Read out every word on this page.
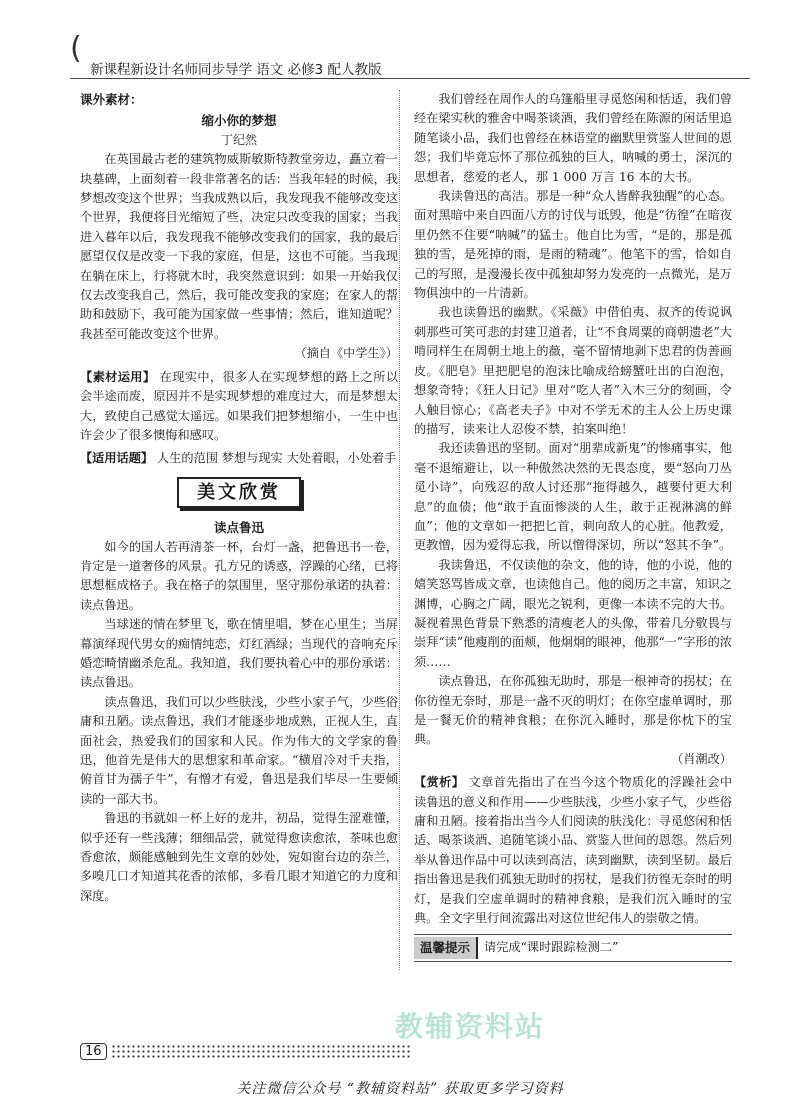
(
新课程新设计名师同步导学 语文 必修3 配人教版
课外素材：
缩小你的梦想
丁纪然

在英国最古老的建筑物威斯敏斯特教堂旁边，矗立着一块墓碑，上面刻着一段非常著名的话：当我年轻的时候，我梦想改变这个世界；当我成熟以后，我发现我不能够改变这个世界，我便将目光缩短了些，决定只改变我的国家；当我进入暮年以后，我发现我不能够改变我们的国家，我的最后愿望仅仅是改变一下我的家庭，但是，这也不可能。当我现在躺在床上，行将就木时，我突然意识到：如果一开始我仅仅去改变我自己，然后，我可能改变我的家庭；在家人的帮助和鼓励下，我可能为国家做一些事情；然后，谁知道呢？我甚至可能改变这个世界。

（摘自《中学生》）

【素材运用】 在现实中，很多人在实现梦想的路上之所以会半途而废，原因并不是实现梦想的难度过大，而是梦想太大，致使自己感觉太遥远。如果我们把梦想缩小，一生中也许会少了很多懊悔和感叹。

【适用话题】 人生的范围 梦想与现实 大处着眼，小处着手

美文欣赏
读点鲁迅

如今的国人若再清茶一杯，台灯一盏，把鲁迅书一卷，肯定是一道奢侈的风景。孔方兄的诱惑，浮躁的心绪，已将思想框成格子。我在格子的氛围里，坚守那份承诺的执着：读点鲁迅。

当球迷的情在梦里飞，歌在情里唱，梦在心里生；当屏幕演绎现代男女的痴情纯恋，灯红酒绿；当现代的音响充斥婚恋畸情幽杀危乱。我知道，我们要执着心中的那份承诺：读点鲁迅。

读点鲁迅，我们可以少些肤浅，少些小家子气，少些俗庸和丑陋。读点鲁迅，我们才能逐步地成熟，正视人生，直面社会，热爱我们的国家和人民。作为伟大的文学家的鲁迅，他首先是伟大的思想家和革命家。“横眉冷对千夫指，俯首甘为孺子牛”，有憎才有爱，鲁迅是我们毕尽一生要倾读的一部大书。

鲁迅的书就如一杯上好的龙井，初品，觉得生涩难懂，似乎还有一些浅薄；细细品尝，就觉得愈读愈浓，茶味也愈香愈浓，颇能感触到先生文章的妙处，宛如窗台边的杂兰，多嗅几口才知道其花香的浓郁，多看几眼才知道它的力度和深度。

我们曾经在周作人的乌篷船里寻觅悠闲和恬适，我们曾经在梁实秋的雅舍中喝茶谈酒，我们曾经在陈源的闲话里追随笔谈小品，我们也曾经在林语堂的幽默里赏鉴人世间的恩怨；我们毕竟忘怀了那位孤独的巨人，呐喊的勇士，深沉的思想者，慈爱的老人，那 1 000 万言 16 本的大书。

我读鲁迅的高洁。那是一种“众人皆醉我独醒”的心态。面对黑暗中来自四面八方的讨伐与诋毁，他是“彷徨”在暗夜里仍然不住要“呐喊”的猛士。他自比为雪，“是的，那是孤独的雪，是死掉的雨，是雨的精魂”。他笔下的雪，恰如自己的写照，是漫漫长夜中孤独却努力发亮的一点微光，是万物俱浊中的一片清新。

我也读鲁迅的幽默。《采薇》中借伯夷、叔齐的传说讽刺那些可笑可悲的封建卫道者，让“不食周粟的商朝遗老”大啃同样生在周朝土地上的薇，毫不留情地剥下忠君的伪善画皮。《肥皂》里把肥皂的泡沫比喻成给螃蟹吐出的白泡泡，想象奇特；《狂人日记》里对“吃人者”入木三分的刻画，令人触目惊心；《高老夫子》中对不学无术的主人公上历史课的描写，读来让人忍俊不禁，拍案叫绝！

我还读鲁迅的坚韧。面对“朋辈成新鬼”的惨痛事实，他毫不退缩避让，以一种傲然决然的无畏态度，要“怒向刀丛觅小诗”，向残忍的敌人讨还那“拖得越久，越要付更大利息”的血债；他“敢于直面惨淡的人生，敢于正视淋漓的鲜血”；他的文章如一把把匕首，刺向敌人的心脏。他教爱，更教憎，因为爱得忘我，所以憎得深切，所以“怒其不争”。

我读鲁迅，不仅读他的杂文，他的诗，他的小说，他的嬉笑怒骂皆成文章，也读他自己。他的阅历之丰富，知识之渊博，心胸之广阔，眼光之锐利，更像一本读不完的大书。凝视着黑色背景下熟悉的清瘦老人的头像，带着几分敬畏与崇拜“读”他瘦削的面颊，他炯炯的眼神，他那“一”字形的浓须……

读点鲁迅，在你孤独无助时，那是一根神奇的拐杖；在你彷徨无奈时，那是一盏不灭的明灯；在你空虚单调时，那是一餐无价的精神食粮；在你沉入睡时，那是你枕下的宝典。

（肖潮改）

【赏析】 文章首先指出了在当今这个物质化的浮躁社会中读鲁迅的意义和作用——少些肤浅，少些小家子气，少些俗庸和丑陋。接着指出当今人们阅读的肤浅化：寻觅悠闲和恬适、喝茶谈酒、追随笔谈小品、赏鉴人世间的恩怨。然后列举从鲁迅作品中可以读到高洁，读到幽默，读到坚韧。最后指出鲁迅是我们孤独无助时的拐杖，是我们彷徨无奈时的明灯，是我们空虚单调时的精神食粮，是我们沉入睡时的宝典。全文字里行间流露出对这位世纪伟人的崇敬之情。

温馨提示	请完成“课时跟踪检测二”
教辅资料站
16
关注微信公众号 “教辅资料站” 获取更多学习资料
